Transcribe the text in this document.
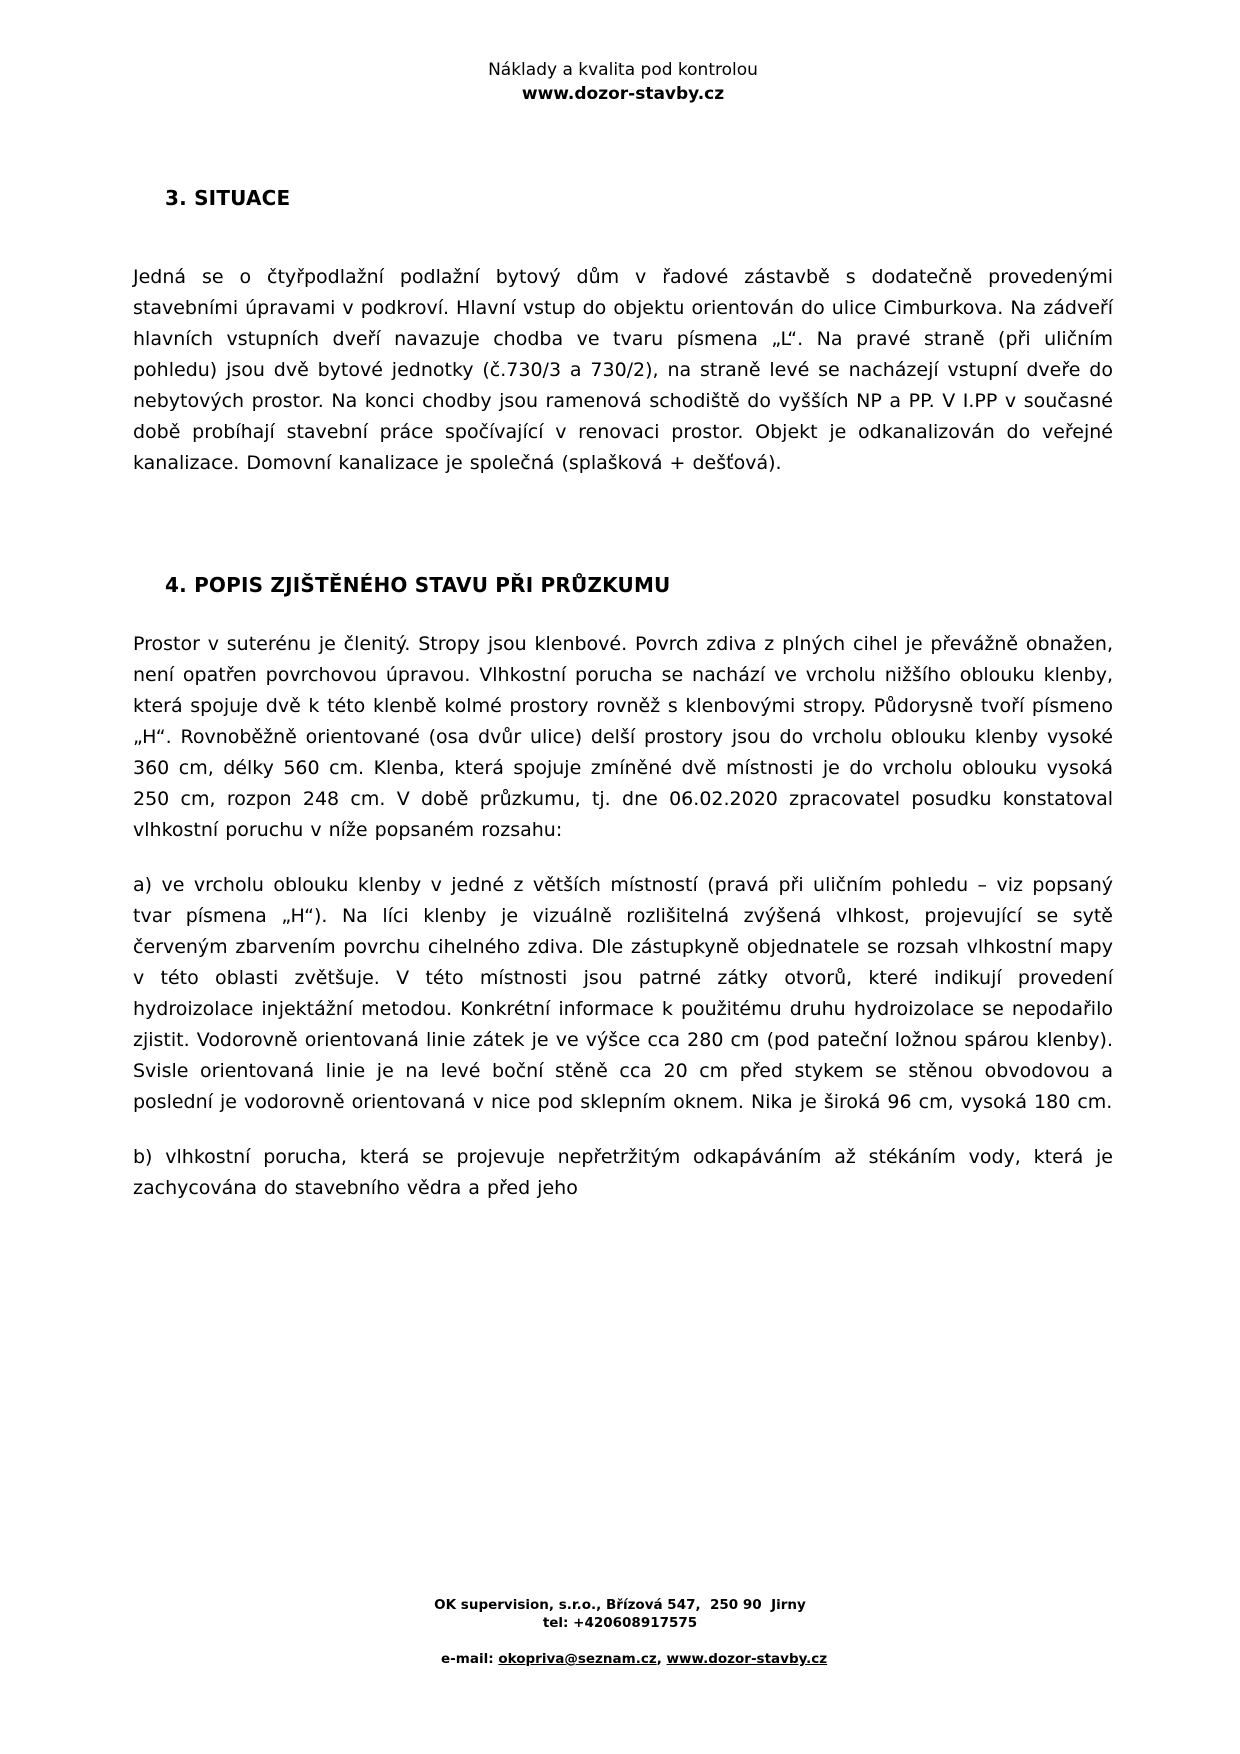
Náklady a kvalita pod kontrolou
www.dozor-stavby.cz
3. SITUACE

Jedná se o čtyřpodlažní podlažní bytový dům v řadové zástavbě s dodatečně provedenými stavebními úpravami v podkroví. Hlavní vstup do objektu orientován do ulice Cimburkova. Na zádveří hlavních vstupních dveří navazuje chodba ve tvaru písmena „L“. Na pravé straně (při uličním pohledu) jsou dvě bytové jednotky (č.730/3 a 730/2), na straně levé se nacházejí vstupní dveře do nebytových prostor. Na konci chodby jsou ramenová schodiště do vyšších NP a PP. V I.PP v současné době probíhají stavební práce spočívající v renovaci prostor. Objekt je odkanalizován do veřejné kanalizace. Domovní kanalizace je společná (splašková + dešťová).

4. POPIS ZJIŠTĚNÉHO STAVU PŘI PRŮZKUMU

Prostor v suterénu je členitý. Stropy jsou klenbové. Povrch zdiva z plných cihel je převážně obnažen, není opatřen povrchovou úpravou. Vlhkostní porucha se nachází ve vrcholu nižšího oblouku klenby, která spojuje dvě k této klenbě kolmé prostory rovněž s klenbovými stropy. Půdorysně tvoří písmeno „H“. Rovnoběžně orientované (osa dvůr ulice) delší prostory jsou do vrcholu oblouku klenby vysoké 360 cm, délky 560 cm. Klenba, která spojuje zmíněné dvě místnosti je do vrcholu oblouku vysoká 250 cm, rozpon 248 cm. V době průzkumu, tj. dne 06.02.2020 zpracovatel posudku konstatoval vlhkostní poruchu v níže popsaném rozsahu:

a) ve vrcholu oblouku klenby v jedné z větších místností (pravá při uličním pohledu – viz popsaný tvar písmena „H“). Na líci klenby je vizuálně rozlišitelná zvýšená vlhkost, projevující se sytě červeným zbarvením povrchu cihelného zdiva. Dle zástupkyně objednatele se rozsah vlhkostní mapy v této oblasti zvětšuje. V této místnosti jsou patrné zátky otvorů, které indikují provedení hydroizolace injektážní metodou. Konkrétní informace k použitému druhu hydroizolace se nepodařilo zjistit. Vodorovně orientovaná linie zátek je ve výšce cca 280 cm (pod pateční ložnou spárou klenby). Svisle orientovaná linie je na levé boční stěně cca 20 cm před stykem se stěnou obvodovou a poslední je vodorovně orientovaná v nice pod sklepním oknem. Nika je široká 96 cm, vysoká 180 cm.

b) vlhkostní porucha, která se projevuje nepřetržitým odkapáváním až stékáním vody, která je zachycována do stavebního vědra a před jeho

OK supervision, s.r.o., Břízová 547,  250 90  Jirny
tel: +420608917575

e-mail: okopriva@seznam.cz, www.dozor-stavby.cz
